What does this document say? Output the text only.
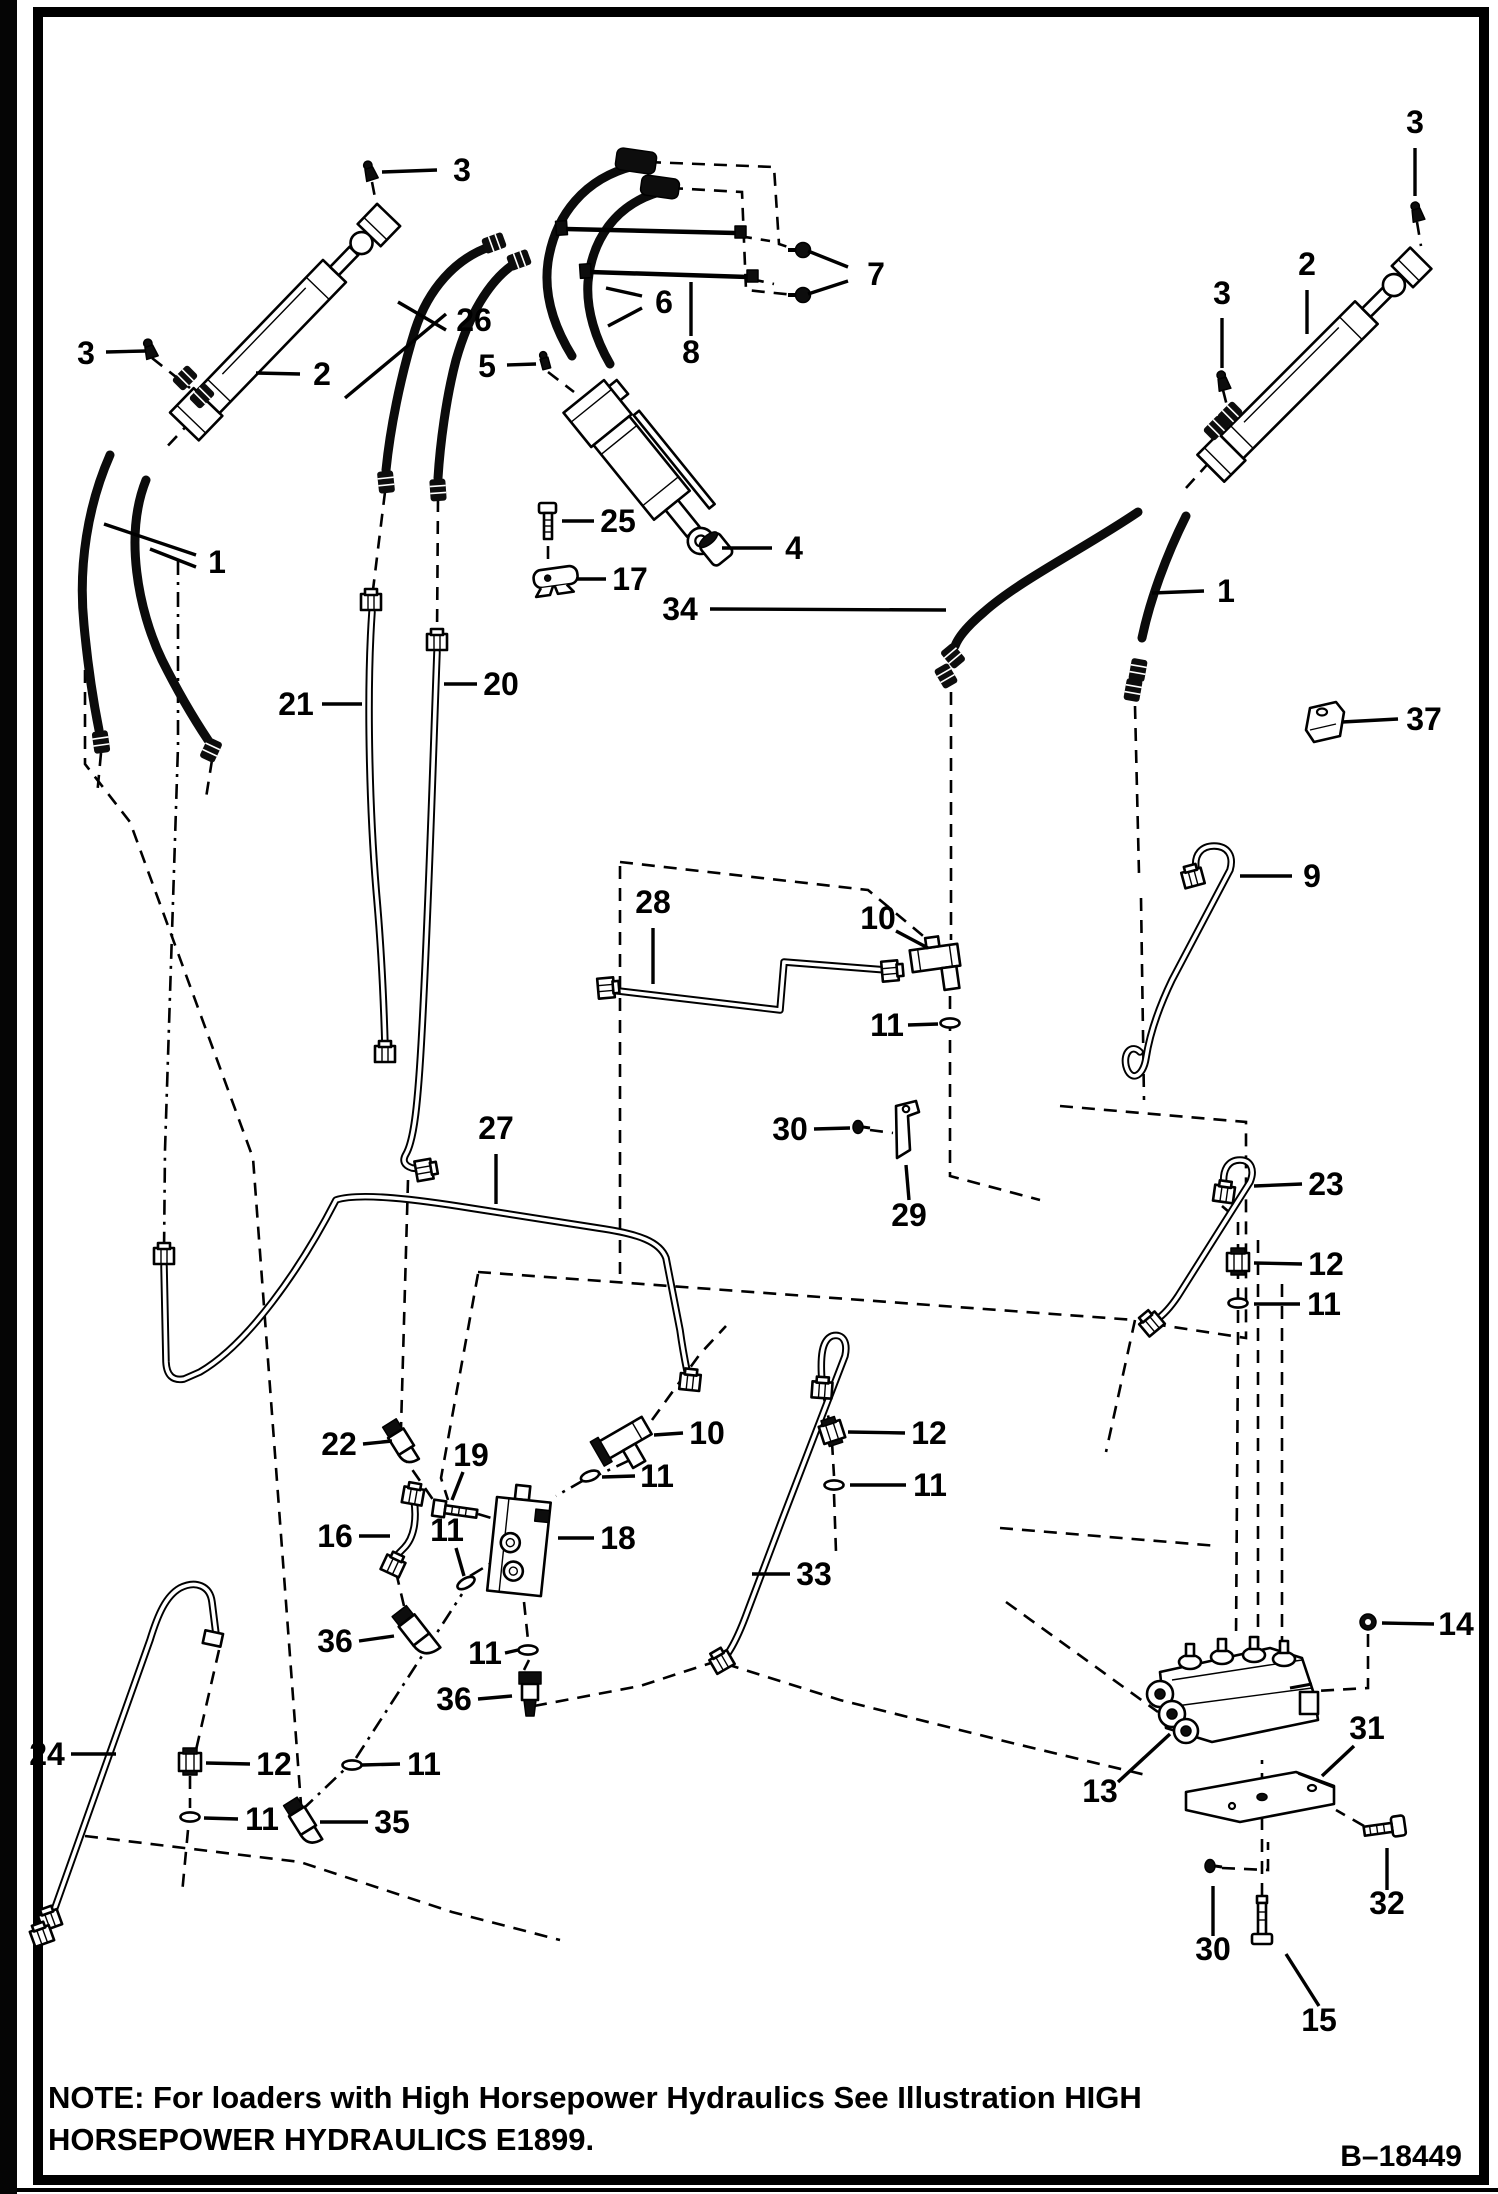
NOTE: For loaders with High Horsepower Hydraulics See Illustration HIGH
HORSEPOWER HYDRAULICS E1899.	B–18449
3
3
2
3
7
26	6
8
5
2
3
1	4
34	1
21
20
25
17
37
9
28	10
11
30
29
27
23
12
11
22	19
10	12
11	11
16 11	18
33
36	11
36
24	12
11
11
35
13
14
31
32
30
15
